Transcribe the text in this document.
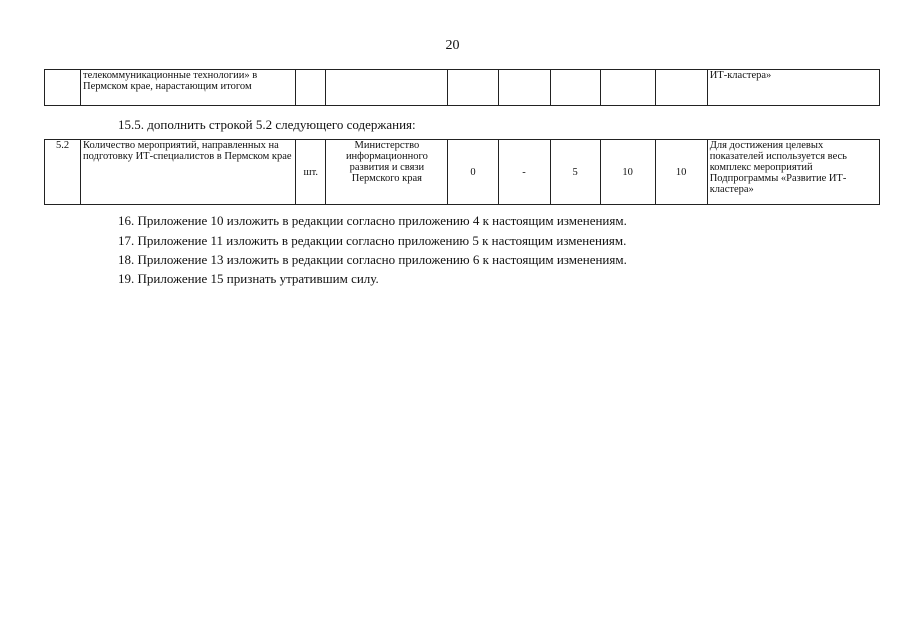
20
	телекоммуникационные технологии» в Пермском крае, нарастающим итогом								ИТ-кластера»
15.5. дополнить строкой 5.2 следующего содержания:
5.2	Количество мероприятий, направленных на подготовку ИТ-специалистов в Пермском крае	шт.	Министерство информационного развития и связи Пермского края	0	-	5	10	10	Для достижения целевых показателей используется весь комплекс мероприятий Подпрограммы «Развитие ИТ-кластера»
16. Приложение 10 изложить в редакции согласно приложению 4 к настоящим изменениям.
17. Приложение 11 изложить в редакции согласно приложению 5 к настоящим изменениям.
18. Приложение 13 изложить в редакции согласно приложению 6 к настоящим изменениям.
19. Приложение 15 признать утратившим силу.
